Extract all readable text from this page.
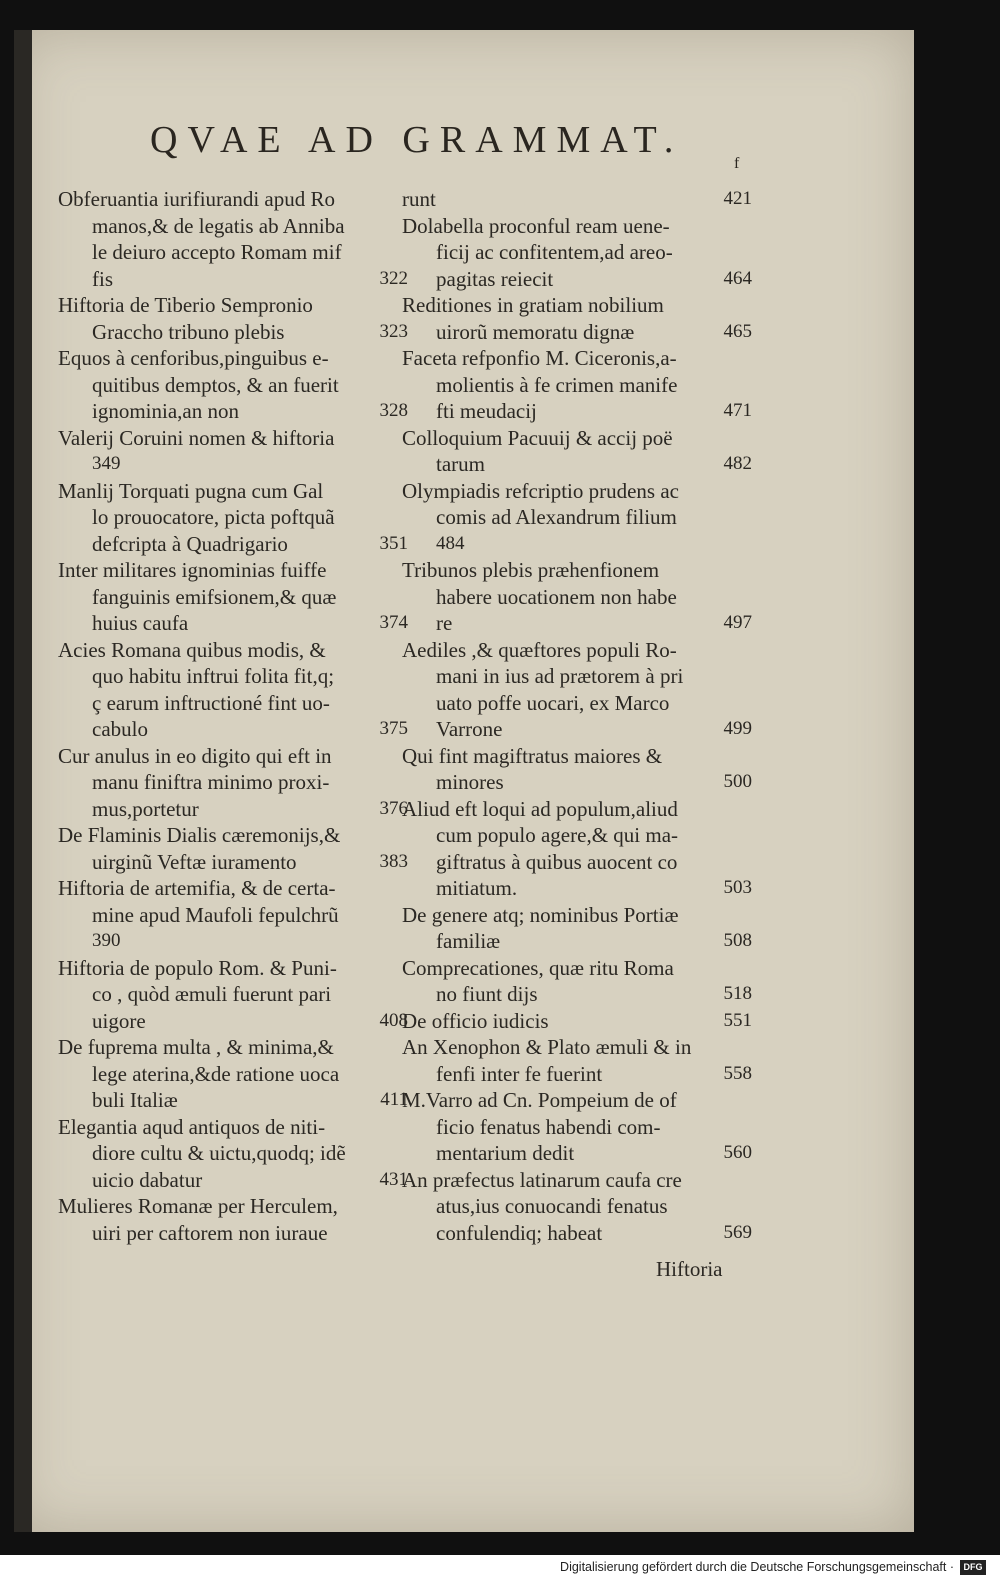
QVAE AD GRAMMAT.
f
Obferuantia iurifiurandi apud Ro
manos,& de legatis ab Anniba
le deiuro accepto Romam mif
fis	322
Hiftoria de Tiberio Sempronio
Graccho tribuno plebis	323
Equos à cenforibus,pinguibus e-
quitibus demptos, & an fuerit
ignominia,an non	328
Valerij Coruini nomen & hiftoria
349
Manlij Torquati pugna cum Gal
lo prouocatore, picta poftquã
defcripta à Quadrigario	351
Inter militares ignominias fuiffe
fanguinis emifsionem,& quæ
huius caufa	374
Acies Romana quibus modis, &
quo habitu inftrui folita fit,q;
ç earum inftructioné fint uo-
cabulo	375
Cur anulus in eo digito qui eft in
manu finiftra minimo proxi-
mus,portetur	376
De Flaminis Dialis cæremonijs,&
uirginũ Veftæ iuramento	383
Hiftoria de artemifia, & de certa-
mine apud Maufoli fepulchrũ
390
Hiftoria de populo Rom. & Puni-
co , quòd æmuli fuerunt pari
uigore	408
De fuprema multa , & minima,&
lege aterina,&de ratione uoca
buli Italiæ	411
Elegantia aqud antiquos de niti-
diore cultu & uictu,quodq; idẽ
uicio dabatur	431
Mulieres Romanæ per Herculem,
uiri per caftorem non iuraue
runt	421
Dolabella proconful ream uene-
ficij ac confitentem,ad areo-
pagitas reiecit	464
Reditiones in gratiam nobilium
uirorũ memoratu dignæ	465
Faceta refponfio M. Ciceronis,a-
molientis à fe crimen manife
fti meudacij	471
Colloquium Pacuuij & accij poë
tarum	482
Olympiadis refcriptio prudens ac
comis ad Alexandrum filium
484
Tribunos plebis præhenfionem
habere uocationem non habe
re	497
Aediles ,& quæftores populi Ro-
mani in ius ad prætorem à pri
uato poffe uocari, ex Marco
Varrone	499
Qui fint magiftratus maiores &
minores	500
Aliud eft loqui ad populum,aliud
cum populo agere,& qui ma-
giftratus à quibus auocent co
mitiatum.	503
De genere atq; nominibus Portiæ
familiæ	508
Comprecationes, quæ ritu Roma
no fiunt dijs	518
De officio iudicis	551
An Xenophon & Plato æmuli & in
fenfi inter fe fuerint	558
M.Varro ad Cn. Pompeium de of
ficio fenatus habendi com-
mentarium dedit	560
An præfectus latinarum caufa cre
atus,ius conuocandi fenatus
confulendiq; habeat	569
Hiftoria
Digitalisierung gefördert durch die Deutsche Forschungsgemeinschaft ·	DFG
